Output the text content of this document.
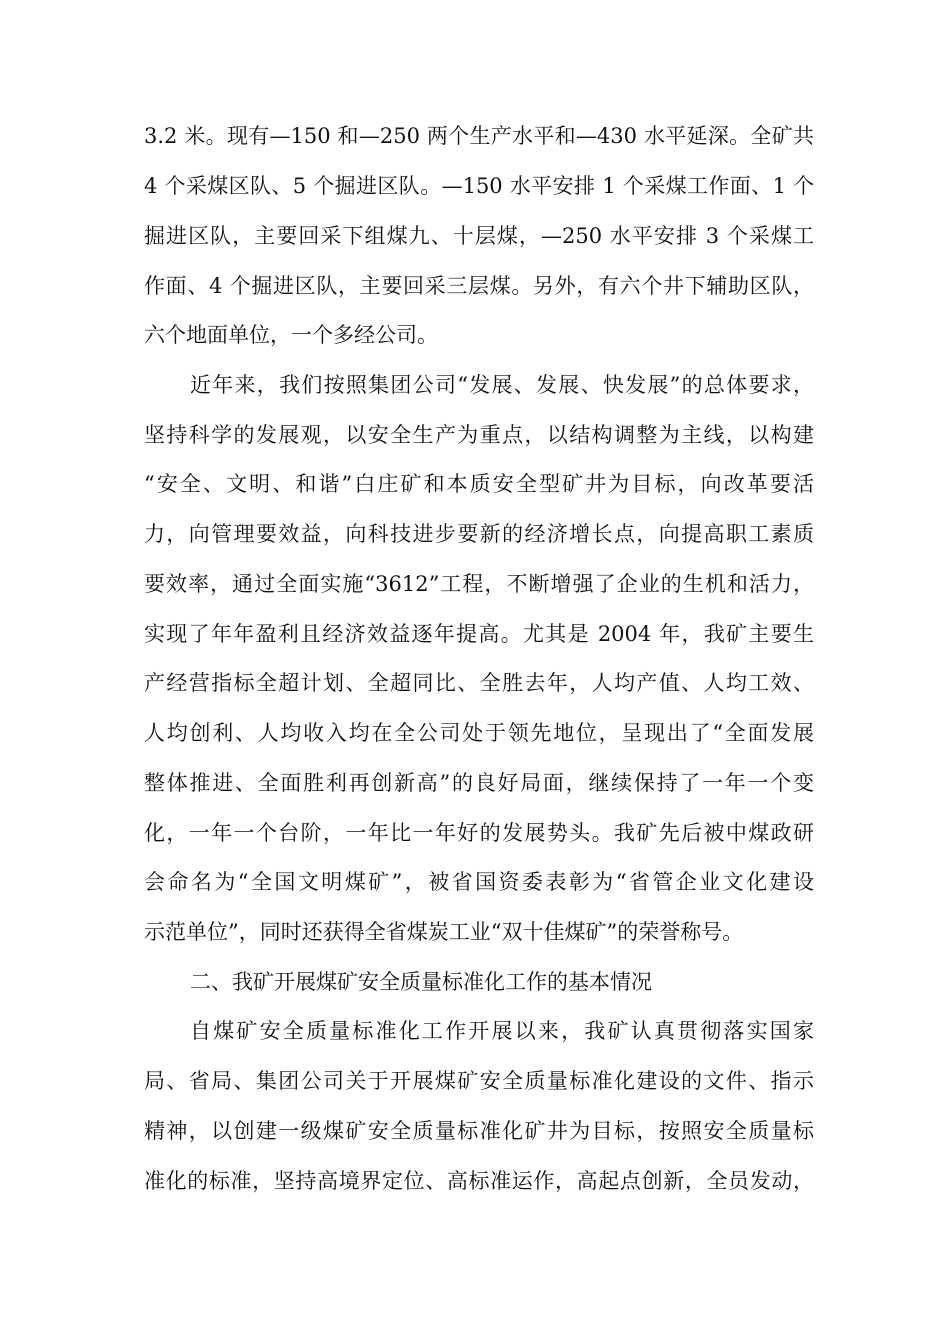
3.2 米。现有—150 和—250 两个生产水平和—430 水平延深。全矿共
4 个采煤区队、5 个掘进区队。—150 水平安排 1 个采煤工作面、1 个
掘进区队，主要回采下组煤九、十层煤，—250 水平安排 3 个采煤工
作面、4 个掘进区队，主要回采三层煤。另外，有六个井下辅助区队，
六个地面单位，一个多经公司。
近年来，我们按照集团公司“发展、发展、快发展”的总体要求，
坚持科学的发展观，以安全生产为重点，以结构调整为主线，以构建
“安全、文明、和谐”白庄矿和本质安全型矿井为目标，向改革要活
力，向管理要效益，向科技进步要新的经济增长点，向提高职工素质
要效率，通过全面实施“3612”工程，不断增强了企业的生机和活力，
实现了年年盈利且经济效益逐年提高。尤其是 2004 年，我矿主要生
产经营指标全超计划、全超同比、全胜去年，人均产值、人均工效、
人均创利、人均收入均在全公司处于领先地位，呈现出了“全面发展
整体推进、全面胜利再创新高”的良好局面，继续保持了一年一个变
化，一年一个台阶，一年比一年好的发展势头。我矿先后被中煤政研
会命名为“全国文明煤矿”，被省国资委表彰为“省管企业文化建设
示范单位”，同时还获得全省煤炭工业“双十佳煤矿”的荣誉称号。
二、我矿开展煤矿安全质量标准化工作的基本情况
自煤矿安全质量标准化工作开展以来，我矿认真贯彻落实国家
局、省局、集团公司关于开展煤矿安全质量标准化建设的文件、指示
精神，以创建一级煤矿安全质量标准化矿井为目标，按照安全质量标
准化的标准，坚持高境界定位、高标准运作，高起点创新，全员发动，
